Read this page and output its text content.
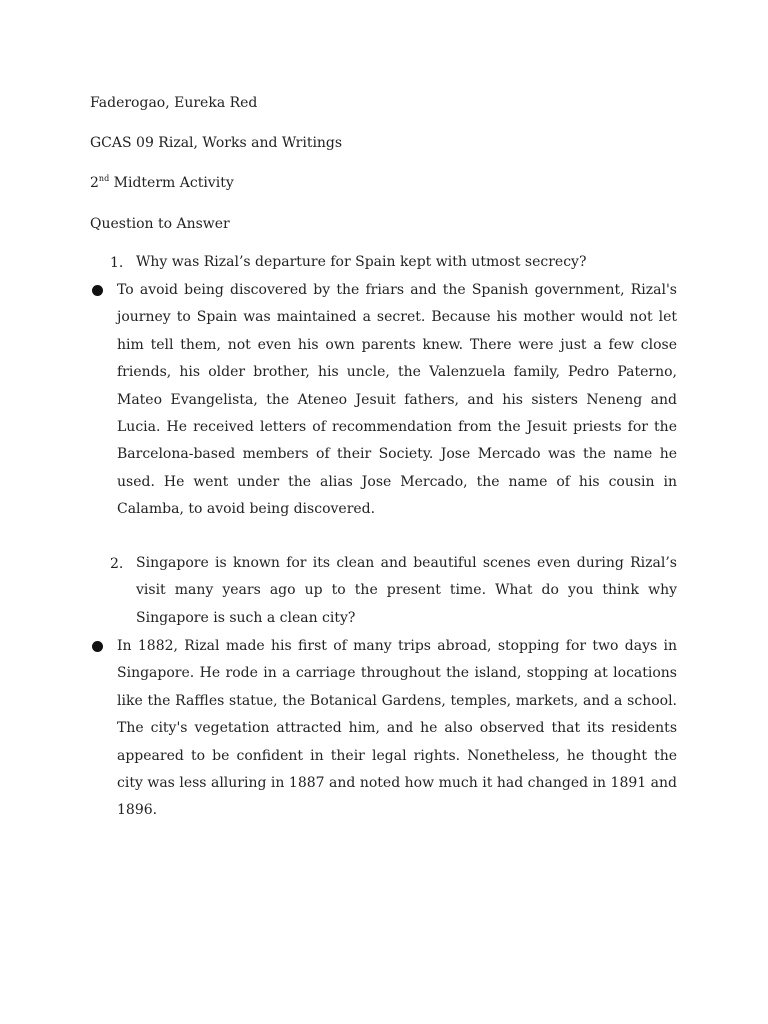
Faderogao, Eureka Red
GCAS 09 Rizal, Works and Writings
2nd Midterm Activity
Question to Answer
1. Why was Rizal’s departure for Spain kept with utmost secrecy?
To avoid being discovered by the friars and the Spanish government, Rizal's journey to Spain was maintained a secret. Because his mother would not let him tell them, not even his own parents knew. There were just a few close friends, his older brother, his uncle, the Valenzuela family, Pedro Paterno, Mateo Evangelista, the Ateneo Jesuit fathers, and his sisters Neneng and Lucia. He received letters of recommendation from the Jesuit priests for the Barcelona-based members of their Society. Jose Mercado was the name he used. He went under the alias Jose Mercado, the name of his cousin in Calamba, to avoid being discovered.
2. Singapore is known for its clean and beautiful scenes even during Rizal’s visit many years ago up to the present time. What do you think why Singapore is such a clean city?
In 1882, Rizal made his first of many trips abroad, stopping for two days in Singapore. He rode in a carriage throughout the island, stopping at locations like the Raffles statue, the Botanical Gardens, temples, markets, and a school. The city's vegetation attracted him, and he also observed that its residents appeared to be confident in their legal rights. Nonetheless, he thought the city was less alluring in 1887 and noted how much it had changed in 1891 and 1896.
